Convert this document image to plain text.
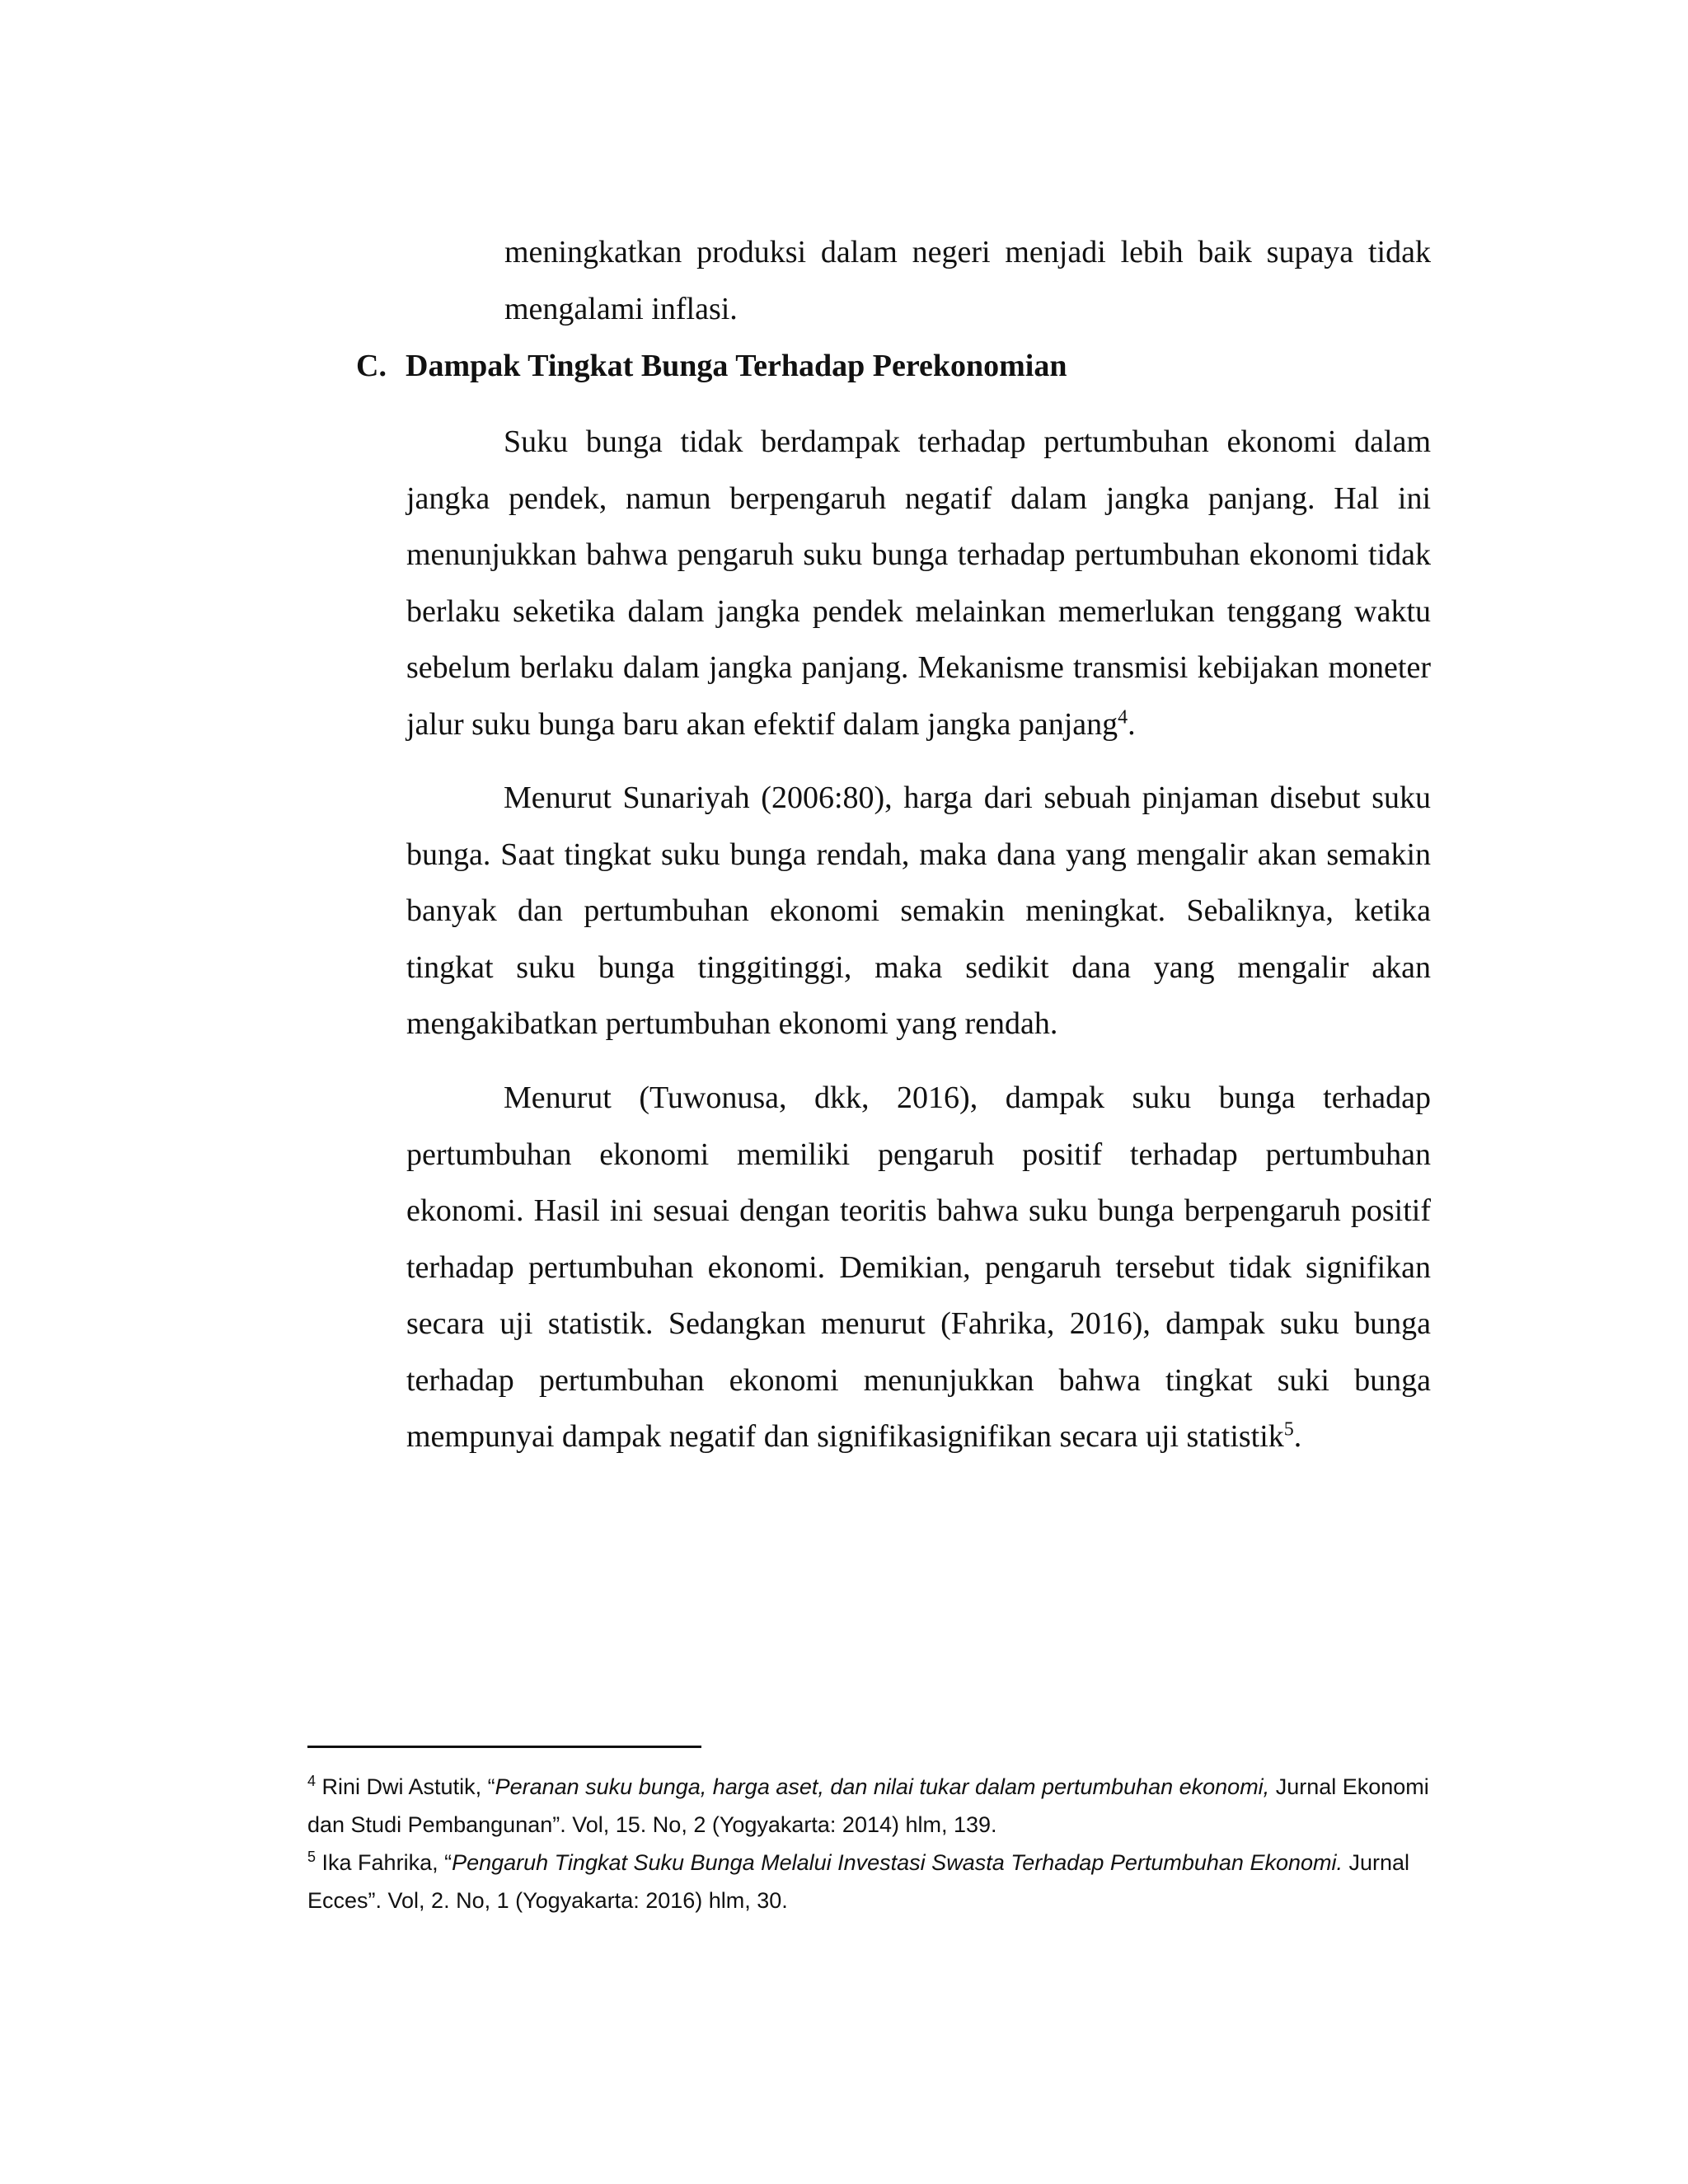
meningkatkan produksi dalam negeri menjadi lebih baik supaya tidak mengalami inflasi.

C. Dampak Tingkat Bunga Terhadap Perekonomian

Suku bunga tidak berdampak terhadap pertumbuhan ekonomi dalam jangka pendek, namun berpengaruh negatif dalam jangka panjang. Hal ini menunjukkan bahwa pengaruh suku bunga terhadap pertumbuhan ekonomi tidak berlaku seketika dalam jangka pendek melainkan memerlukan tenggang waktu sebelum berlaku dalam jangka panjang. Mekanisme transmisi kebijakan moneter jalur suku bunga baru akan efektif dalam jangka panjang$^4$.

Menurut Sunariyah (2006:80), harga dari sebuah pinjaman disebut suku bunga. Saat tingkat suku bunga rendah, maka dana yang mengalir akan semakin banyak dan pertumbuhan ekonomi semakin meningkat. Sebaliknya, ketika tingkat suku bunga tinggitinggi, maka sedikit dana yang mengalir akan mengakibatkan pertumbuhan ekonomi yang rendah.

Menurut (Tuwonusa, dkk, 2016), dampak suku bunga terhadap pertumbuhan ekonomi memiliki pengaruh positif terhadap pertumbuhan ekonomi. Hasil ini sesuai dengan teoritis bahwa suku bunga berpengaruh positif terhadap pertumbuhan ekonomi. Demikian, pengaruh tersebut tidak signifikan secara uji statistik. Sedangkan menurut (Fahrika, 2016), dampak suku bunga terhadap pertumbuhan ekonomi menunjukkan bahwa tingkat suki bunga mempunyai dampak negatif dan signifikasignifikan secara uji statistik$^5$.

$^4$ Rini Dwi Astutik, “Peranan suku bunga, harga aset, dan nilai tukar dalam pertumbuhan ekonomi, Jurnal Ekonomi dan Studi Pembangunan”. Vol, 15. No, 2 (Yogyakarta: 2014) hlm, 139.

$^5$ Ika Fahrika, “Pengaruh Tingkat Suku Bunga Melalui Investasi Swasta Terhadap Pertumbuhan Ekonomi. Jurnal Ecces”. Vol, 2. No, 1 (Yogyakarta: 2016) hlm, 30.
